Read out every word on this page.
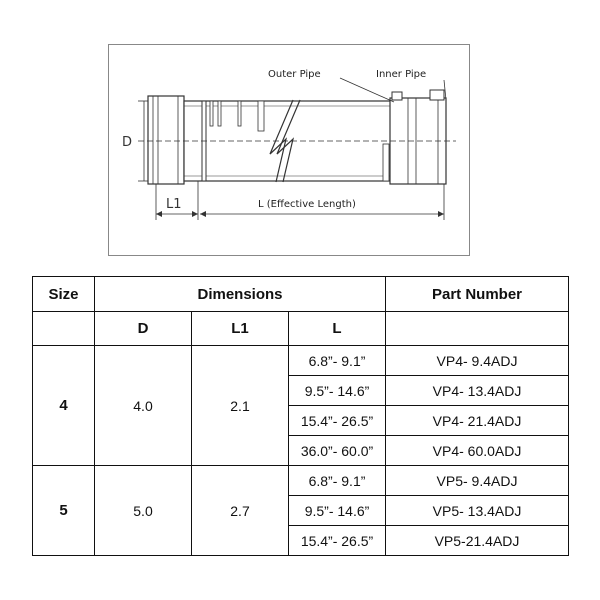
D
L1	L (Effective Length)
Outer Pipe	Inner Pipe
Size	Dimensions			Part Number
	D	L1	L	
4	4.0	2.1	6.8”- 9.1”	VP4- 9.4ADJ
			9.5”- 14.6”	VP4- 13.4ADJ
			15.4”- 26.5”	VP4- 21.4ADJ
			36.0”- 60.0”	VP4- 60.0ADJ
5	5.0	2.7	6.8”- 9.1”	VP5- 9.4ADJ
			9.5”- 14.6”	VP5- 13.4ADJ
			15.4”- 26.5”	VP5-21.4ADJ
